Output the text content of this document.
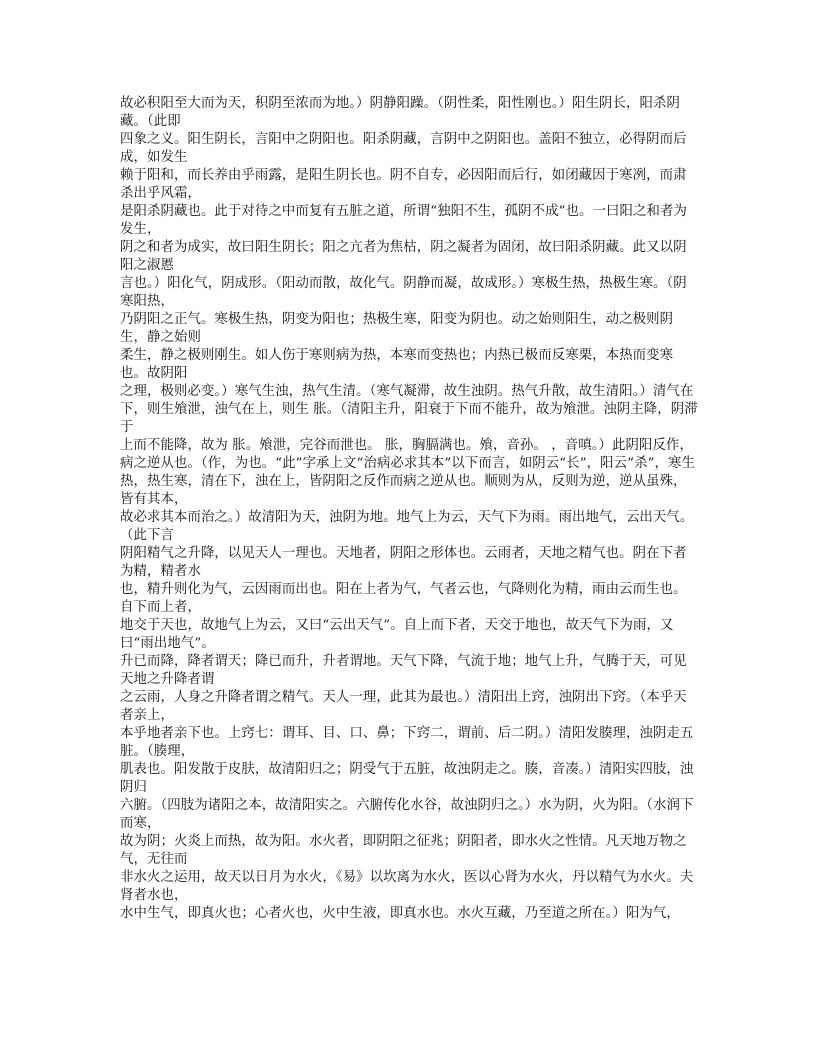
故必积阳至大而为天，积阴至浓而为地。）阴静阳躁。（阴性柔，阳性刚也。）阳生阴长，阳杀阴藏。（此即

四象之义。阳生阴长，言阳中之阴阳也。阳杀阴藏，言阴中之阴阳也。盖阳不独立，必得阴而后成，如发生

赖于阳和，而长养由乎雨露，是阳生阴长也。阴不自专，必因阳而后行，如闭藏因于寒冽，而肃杀出乎风霜，

是阳杀阴藏也。此于对待之中而复有五脏之道，所谓“独阳不生，孤阴不成”也。一曰阳之和者为发生，

阴之和者为成实，故曰阳生阴长；阳之亢者为焦枯，阴之凝者为固闭，故曰阳杀阴藏。此又以阴阳之淑慝

言也。）阳化气，阴成形。（阳动而散，故化气。阴静而凝，故成形。）寒极生热，热极生寒。（阴寒阳热，

乃阴阳之正气。寒极生热，阴变为阳也；热极生寒，阳变为阴也。动之始则阳生，动之极则阴生，静之始则

柔生，静之极则刚生。如人伤于寒则病为热，本寒而变热也；内热已极而反寒栗，本热而变寒也。故阴阳

之理，极则必变。）寒气生浊，热气生清。（寒气凝滞，故生浊阴。热气升散，故生清阳。）清气在下，则生飧泄，浊气在上，则生 胀。（清阳主升，阳衰于下而不能升，故为飧泄。浊阴主降，阴滞于

上而不能降，故为 胀。飧泄，完谷而泄也。 胀，胸膈满也。飧，音孙。 ，音嗔。）此阴阳反作，

病之逆从也。（作，为也。“此”字承上文“治病必求其本”以下而言，如阴云“长”，阳云“杀”，寒生热，热生寒，清在下，浊在上，皆阴阳之反作而病之逆从也。顺则为从，反则为逆，逆从虽殊，皆有其本，

故必求其本而治之。）故清阳为天，浊阴为地。地气上为云，天气下为雨。雨出地气，云出天气。（此下言

阴阳精气之升降，以见天人一理也。天地者，阴阳之形体也。云雨者，天地之精气也。阴在下者为精，精者水

也，精升则化为气，云因雨而出也。阳在上者为气，气者云也，气降则化为精，雨由云而生也。自下而上者，

地交于天也，故地气上为云，又曰“云出天气”。自上而下者，天交于地也，故天气下为雨，又曰“雨出地气”。

升已而降，降者谓天；降已而升，升者谓地。天气下降，气流于地；地气上升，气腾于天，可见天地之升降者谓

之云雨，人身之升降者谓之精气。天人一理，此其为最也。）清阳出上窍，浊阴出下窍。（本乎天者亲上，

本乎地者亲下也。上窍七：谓耳、目、口、鼻；下窍二，谓前、后二阴。）清阳发腠理，浊阴走五脏。（腠理，

肌表也。阳发散于皮肤，故清阳归之；阴受气于五脏，故浊阴走之。腠，音凑。）清阳实四肢，浊阴归

六腑。（四肢为诸阳之本，故清阳实之。六腑传化水谷，故浊阴归之。）水为阴，火为阳。（水润下而寒，

故为阴；火炎上而热，故为阳。水火者，即阴阳之征兆；阴阳者，即水火之性情。凡天地万物之气，无往而

非水火之运用，故天以日月为水火，《易》以坎离为水火，医以心肾为水火，丹以精气为水火。夫肾者水也，

水中生气，即真火也；心者火也，火中生液，即真水也。水火互藏，乃至道之所在。）阳为气，
